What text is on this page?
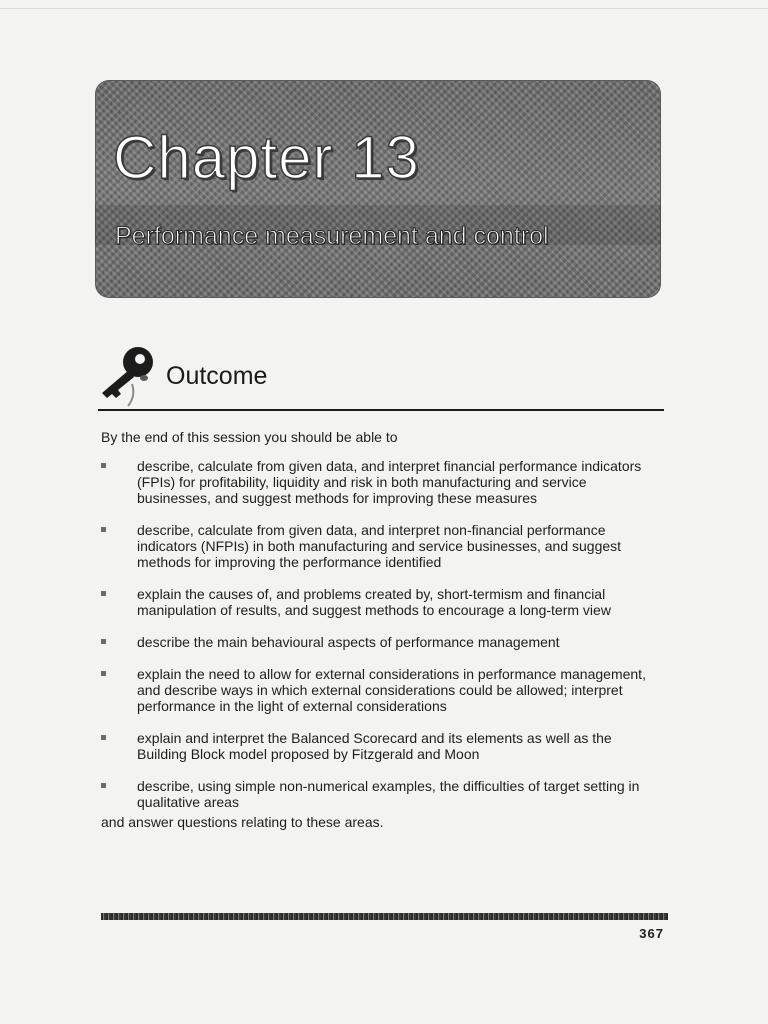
Chapter 13
Performance measurement and control
Outcome

By the end of this session you should be able to

describe, calculate from given data, and interpret financial performance indicators (FPIs) for profitability, liquidity and risk in both manufacturing and service businesses, and suggest methods for improving these measures
describe, calculate from given data, and interpret non-financial performance indicators (NFPIs) in both manufacturing and service businesses, and suggest methods for improving the performance identified
explain the causes of, and problems created by, short-termism and financial manipulation of results, and suggest methods to encourage a long-term view
describe the main behavioural aspects of performance management
explain the need to allow for external considerations in performance management, and describe ways in which external considerations could be allowed; interpret performance in the light of external considerations
explain and interpret the Balanced Scorecard and its elements as well as the Building Block model proposed by Fitzgerald and Moon
describe, using simple non-numerical examples, the difficulties of target setting in qualitative areas

and answer questions relating to these areas.

367
